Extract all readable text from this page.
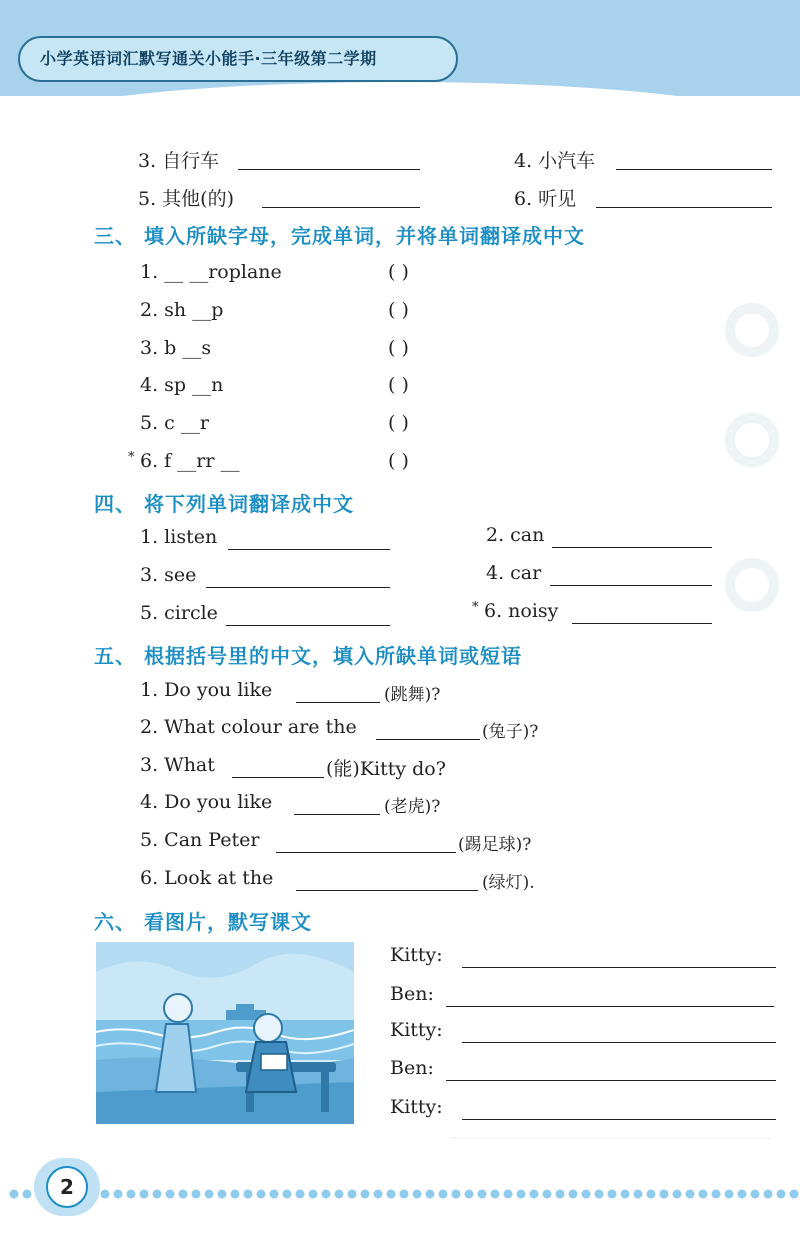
小学英语词汇默写通关小能手·三年级第二学期
3. 自行车	4. 小汽车
5. 其他(的)	6. 听见
三、 填入所缺字母，完成单词，并将单词翻译成中文
1. __ __roplane	( )
2. sh __p	( )
3. b __s	( )
4. sp __n	( )
5. c __r	( )
* 6. f __rr __	( )
四、 将下列单词翻译成中文
1. listen	2. can
3. see	4. car
5. circle	* 6. noisy
五、 根据括号里的中文，填入所缺单词或短语
1. Do you like	(跳舞)?
2. What colour are the	(兔子)?
3. What	(能)Kitty do?
4. Do you like	(老虎)?
5. Can Peter	(踢足球)?
6. Look at the	(绿灯).
六、 看图片，默写课文
Kitty:
Ben:
Kitty:
Ben:
Kitty:
2
